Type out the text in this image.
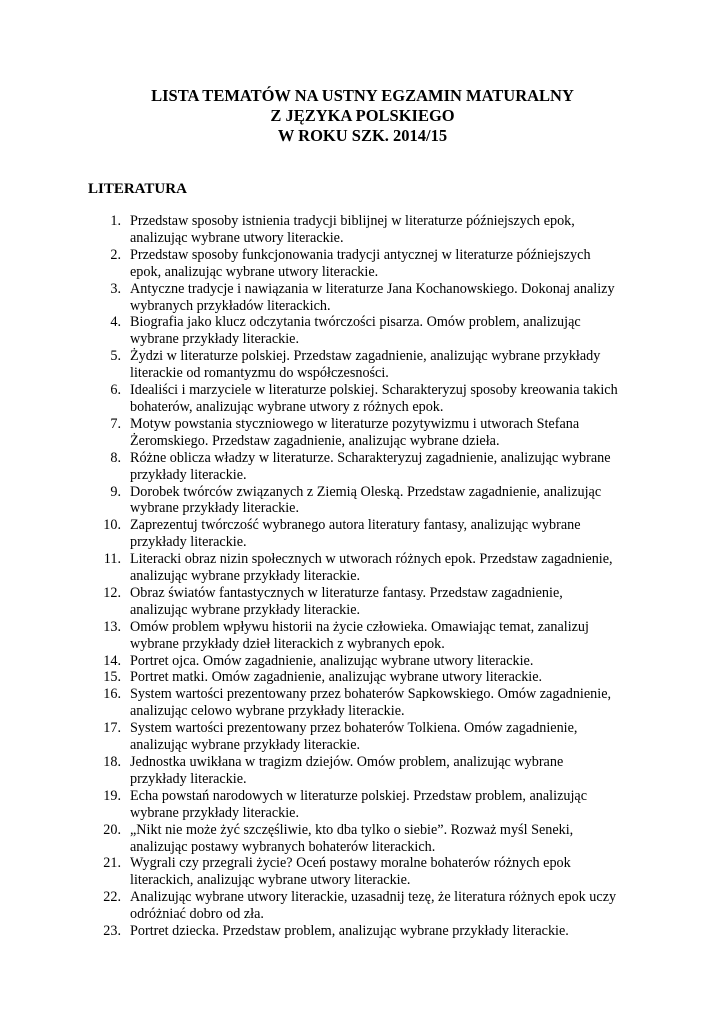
LISTA TEMATÓW NA USTNY EGZAMIN MATURALNY
Z JĘZYKA POLSKIEGO
W ROKU SZK. 2014/15
LITERATURA
1. Przedstaw sposoby istnienia tradycji biblijnej w literaturze późniejszych epok,
analizując wybrane utwory literackie.
2. Przedstaw sposoby funkcjonowania tradycji antycznej w literaturze późniejszych
epok, analizując wybrane utwory literackie.
3. Antyczne tradycje i nawiązania w literaturze Jana Kochanowskiego. Dokonaj analizy
wybranych przykładów literackich.
4. Biografia jako klucz odczytania twórczości pisarza. Omów problem, analizując
wybrane przykłady literackie.
5. Żydzi w literaturze polskiej. Przedstaw zagadnienie, analizując wybrane przykłady
literackie od romantyzmu do współczesności.
6. Idealiści i marzyciele w literaturze polskiej. Scharakteryzuj sposoby kreowania takich
bohaterów, analizując wybrane utwory z różnych epok.
7. Motyw powstania styczniowego w literaturze pozytywizmu i utworach Stefana
Żeromskiego. Przedstaw zagadnienie, analizując wybrane dzieła.
8. Różne oblicza władzy w literaturze. Scharakteryzuj zagadnienie, analizując wybrane
przykłady literackie.
9. Dorobek twórców związanych z Ziemią Oleską. Przedstaw zagadnienie, analizując
wybrane przykłady literackie.
10. Zaprezentuj twórczość wybranego autora literatury fantasy, analizując wybrane
przykłady literackie.
11. Literacki obraz nizin społecznych w utworach różnych epok. Przedstaw zagadnienie,
analizując wybrane przykłady literackie.
12. Obraz światów fantastycznych w literaturze fantasy. Przedstaw zagadnienie,
analizując wybrane przykłady literackie.
13. Omów problem wpływu historii na życie człowieka. Omawiając temat, zanalizuj
wybrane przykłady dzieł literackich z wybranych epok.
14. Portret ojca. Omów zagadnienie, analizując wybrane utwory literackie.
15. Portret matki. Omów zagadnienie, analizując wybrane utwory literackie.
16. System wartości prezentowany przez bohaterów Sapkowskiego. Omów zagadnienie,
analizując celowo wybrane przykłady literackie.
17. System wartości prezentowany przez bohaterów Tolkiena. Omów zagadnienie,
analizując wybrane przykłady literackie.
18. Jednostka uwikłana w tragizm dziejów. Omów problem, analizując wybrane
przykłady literackie.
19. Echa powstań narodowych w literaturze polskiej. Przedstaw problem, analizując
wybrane przykłady literackie.
20. „Nikt nie może żyć szczęśliwie, kto dba tylko o siebie”. Rozważ myśl Seneki,
analizując postawy wybranych bohaterów literackich.
21. Wygrali czy przegrali życie? Oceń postawy moralne bohaterów różnych epok
literackich, analizując wybrane utwory literackie.
22. Analizując wybrane utwory literackie, uzasadnij tezę, że literatura różnych epok uczy
odróżniać dobro od zła.
23. Portret dziecka. Przedstaw problem, analizując wybrane przykłady literackie.
